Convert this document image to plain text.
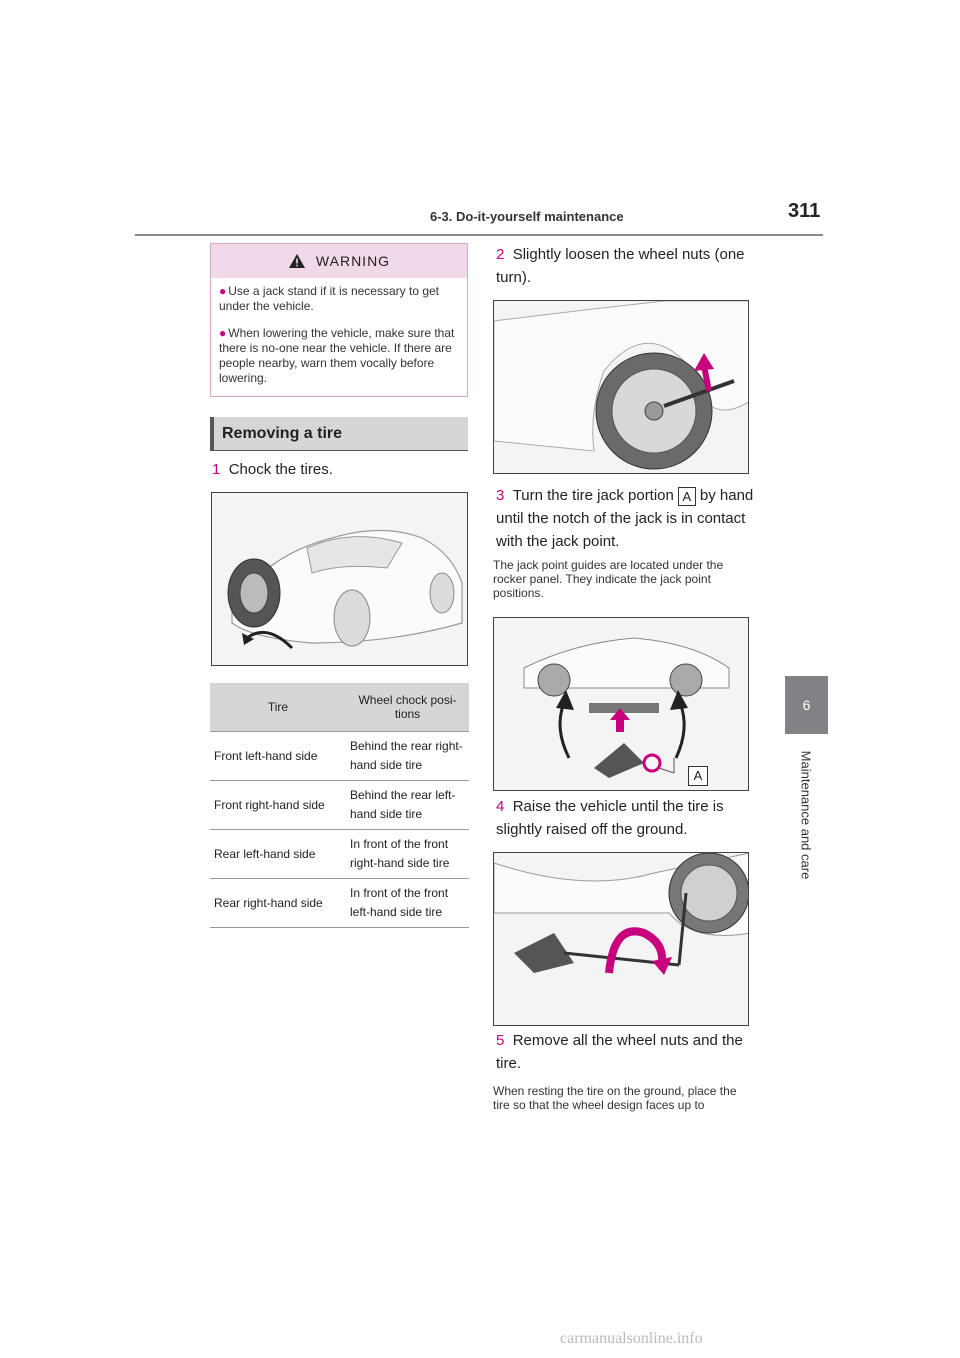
6-3. Do-it-yourself maintenance	311
6
Maintenance and care
WARNING
● Use a jack stand if it is necessary to get under the vehicle.
● When lowering the vehicle, make sure that there is no-one near the vehicle. If there are people nearby, warn them vocally before lowering.
Removing a tire
1 Chock the tires.
Tire	Wheel chock posi-tions
Front left-hand side	Behind the rear right-hand side tire
Front right-hand side	Behind the rear left-hand side tire
Rear left-hand side	In front of the front right-hand side tire
Rear right-hand side	In front of the front left-hand side tire
2 Slightly loosen the wheel nuts (one turn).
3 Turn the tire jack portion A by hand until the notch of the jack is in contact with the jack point.
The jack point guides are located under the rocker panel. They indicate the jack point positions.
A
4 Raise the vehicle until the tire is slightly raised off the ground.
5 Remove all the wheel nuts and the tire.
When resting the tire on the ground, place the tire so that the wheel design faces up to
carmanualsonline.info
